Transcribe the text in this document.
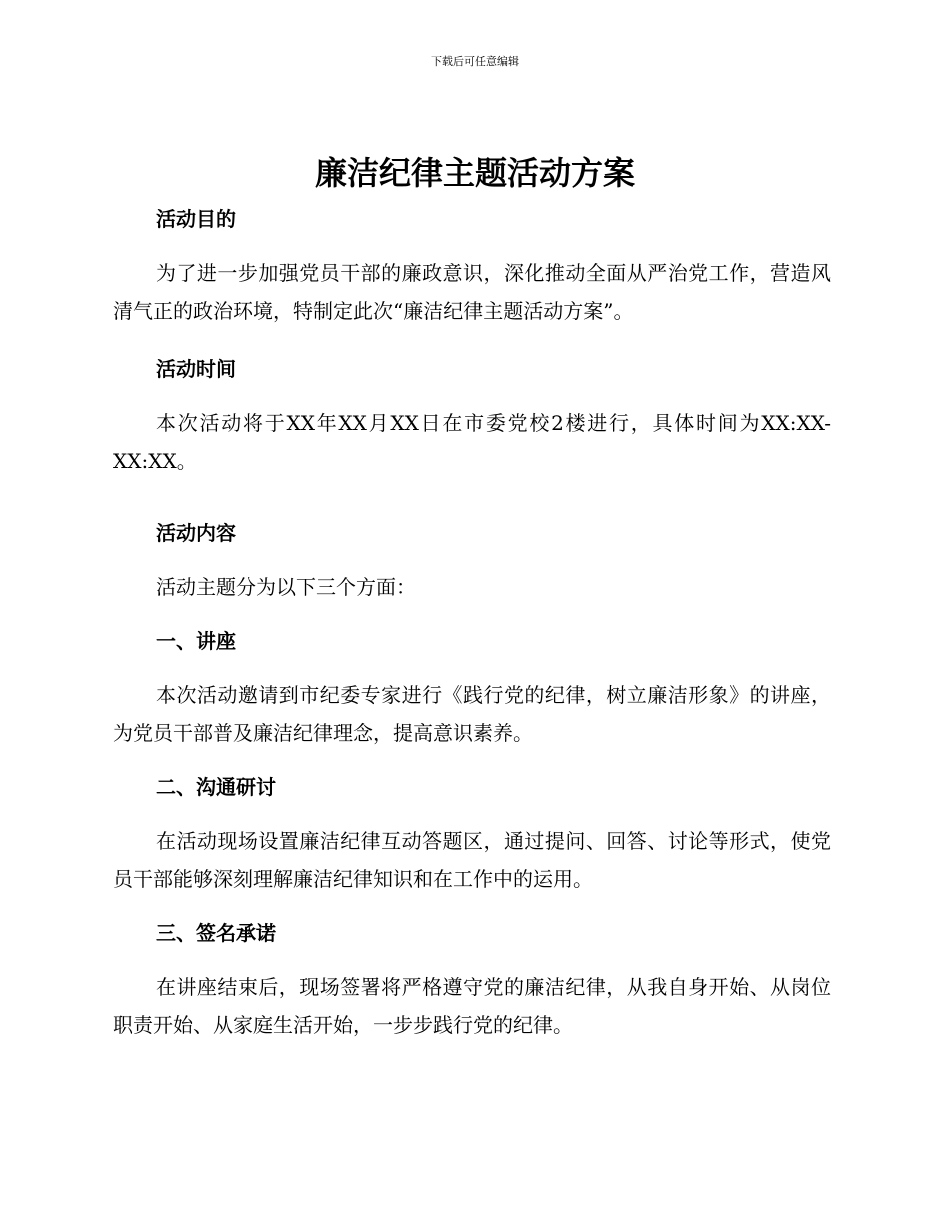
下载后可任意编辑
廉洁纪律主题活动方案
活动目的

为了进一步加强党员干部的廉政意识，深化推动全面从严治党工作，营造风清气正的政治环境，特制定此次“廉洁纪律主题活动方案”。

活动时间

本次活动将于XX年XX月XX日在市委党校2楼进行，具体时间为XX:XX-XX:XX。

活动内容

活动主题分为以下三个方面：

一、讲座

本次活动邀请到市纪委专家进行《践行党的纪律，树立廉洁形象》的讲座，为党员干部普及廉洁纪律理念，提高意识素养。

二、沟通研讨

在活动现场设置廉洁纪律互动答题区，通过提问、回答、讨论等形式，使党员干部能够深刻理解廉洁纪律知识和在工作中的运用。

三、签名承诺

在讲座结束后，现场签署将严格遵守党的廉洁纪律，从我自身开始、从岗位职责开始、从家庭生活开始，一步步践行党的纪律。
